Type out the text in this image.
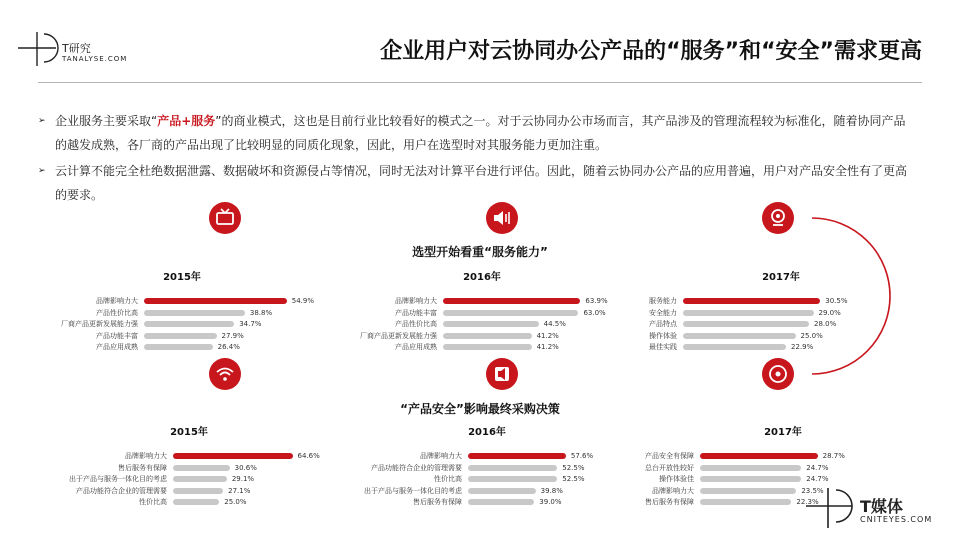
T研究
TANALYSE.COM	企业用户对云协同办公产品的“服务”和“安全”需求更高
➢ 企业服务主要采取“产品+服务”的商业模式，这也是目前行业比较看好的模式之一。对于云协同办公市场而言，其产品涉及的管理流程较为标准化，随着协同产品的越发成熟，各厂商的产品出现了比较明显的同质化现象，因此，用户在选型时对其服务能力更加注重。
➢ 云计算不能完全杜绝数据泄露、数据破坏和资源侵占等情况，同时无法对计算平台进行评估。因此，随着云协同办公产品的应用普遍，用户对产品安全性有了更高的要求。
选型开始看重“服务能力”
“产品安全”影响最终采购决策
2015年
品牌影响力大	54.9%
产品性价比高	38.8%
厂商产品更新发展能力强	34.7%
产品功能丰富	27.9%
产品应用成熟	26.4%
2016年
品牌影响力大	63.9%
产品功能丰富	63.0%
产品性价比高	44.5%
厂商产品更新发展能力强	41.2%
产品应用成熟	41.2%
2017年
服务能力	30.5%
安全能力	29.0%
产品特点	28.0%
操作体验	25.0%
最佳实践	22.9%
2015年
品牌影响力大	64.6%
售后服务有保障	30.6%
出于产品与服务一体化目的考虑	29.1%
产品功能符合企业的管理需要	27.1%
性价比高	25.0%
2016年
品牌影响力大	57.6%
产品功能符合企业的管理需要	52.5%
性价比高	52.5%
出于产品与服务一体化目的考虑	39.8%
售后服务有保障	39.0%
2017年
产品安全有保障	28.7%
总台开放性较好	24.7%
操作体验佳	24.7%
品牌影响力大	23.5%
售后服务有保障	22.3%	T媒体
CNITEYES.COM
